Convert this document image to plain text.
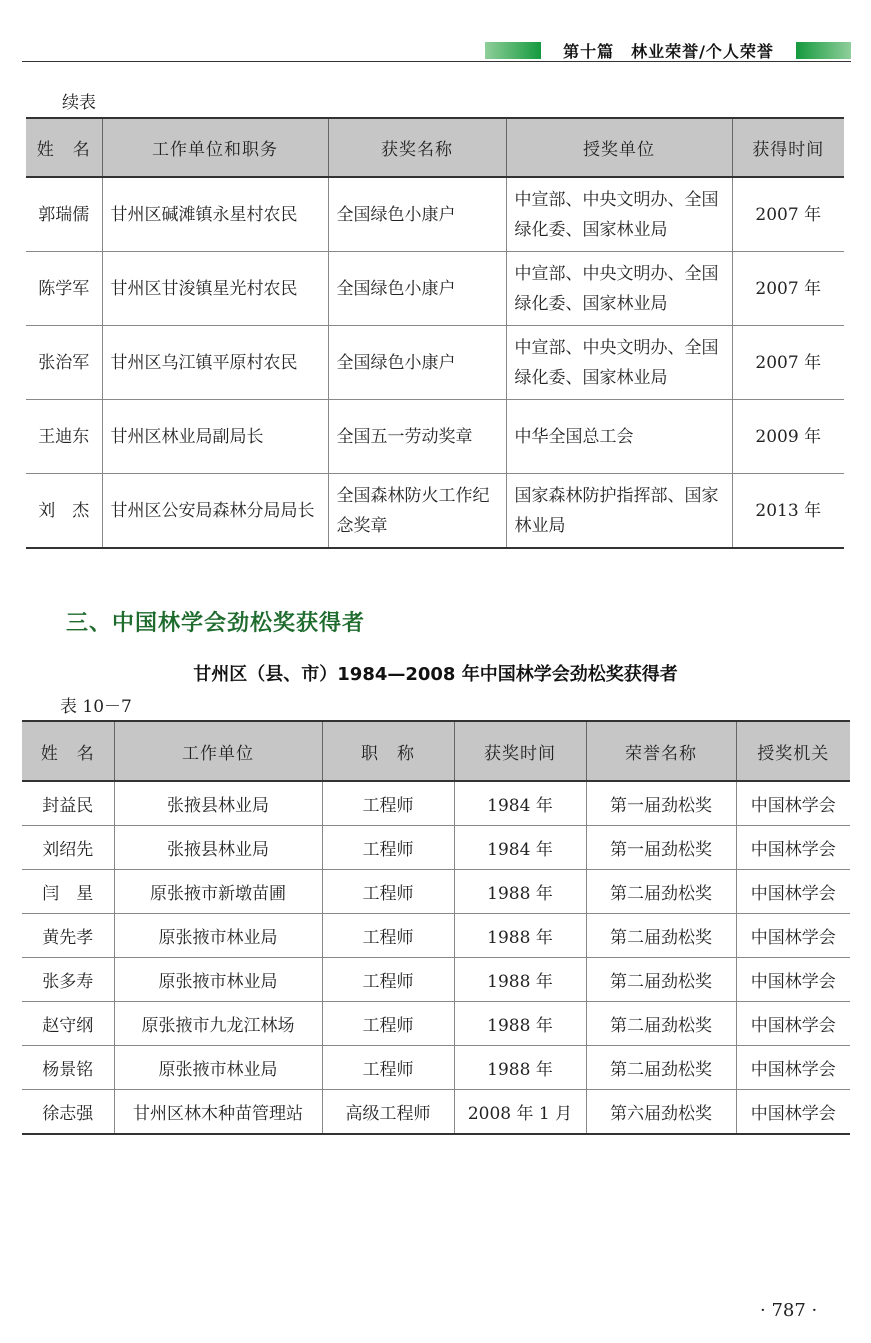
第十篇　林业荣誉/个人荣誉
续表
姓　名	工作单位和职务	获奖名称	授奖单位	获得时间
郭瑞儒	甘州区碱滩镇永星村农民	全国绿色小康户	中宣部、中央文明办、全国绿化委、国家林业局	2007 年
陈学军	甘州区甘浚镇星光村农民	全国绿色小康户	中宣部、中央文明办、全国绿化委、国家林业局	2007 年
张治军	甘州区乌江镇平原村农民	全国绿色小康户	中宣部、中央文明办、全国绿化委、国家林业局	2007 年
王迪东	甘州区林业局副局长	全国五一劳动奖章	中华全国总工会	2009 年
刘　杰	甘州区公安局森林分局局长	全国森林防火工作纪念奖章	国家森林防护指挥部、国家林业局	2013 年
三、中国林学会劲松奖获得者
甘州区（县、市）1984—2008 年中国林学会劲松奖获得者
表 10－7
姓　名	工作单位	职　称	获奖时间	荣誉名称	授奖机关
封益民	张掖县林业局	工程师	1984 年	第一届劲松奖	中国林学会
刘绍先	张掖县林业局	工程师	1984 年	第一届劲松奖	中国林学会
闫　星	原张掖市新墩苗圃	工程师	1988 年	第二届劲松奖	中国林学会
黄先孝	原张掖市林业局	工程师	1988 年	第二届劲松奖	中国林学会
张多寿	原张掖市林业局	工程师	1988 年	第二届劲松奖	中国林学会
赵守纲	原张掖市九龙江林场	工程师	1988 年	第二届劲松奖	中国林学会
杨景铭	原张掖市林业局	工程师	1988 年	第二届劲松奖	中国林学会
徐志强	甘州区林木种苗管理站	高级工程师	2008 年 1 月	第六届劲松奖	中国林学会
· 787 ·
